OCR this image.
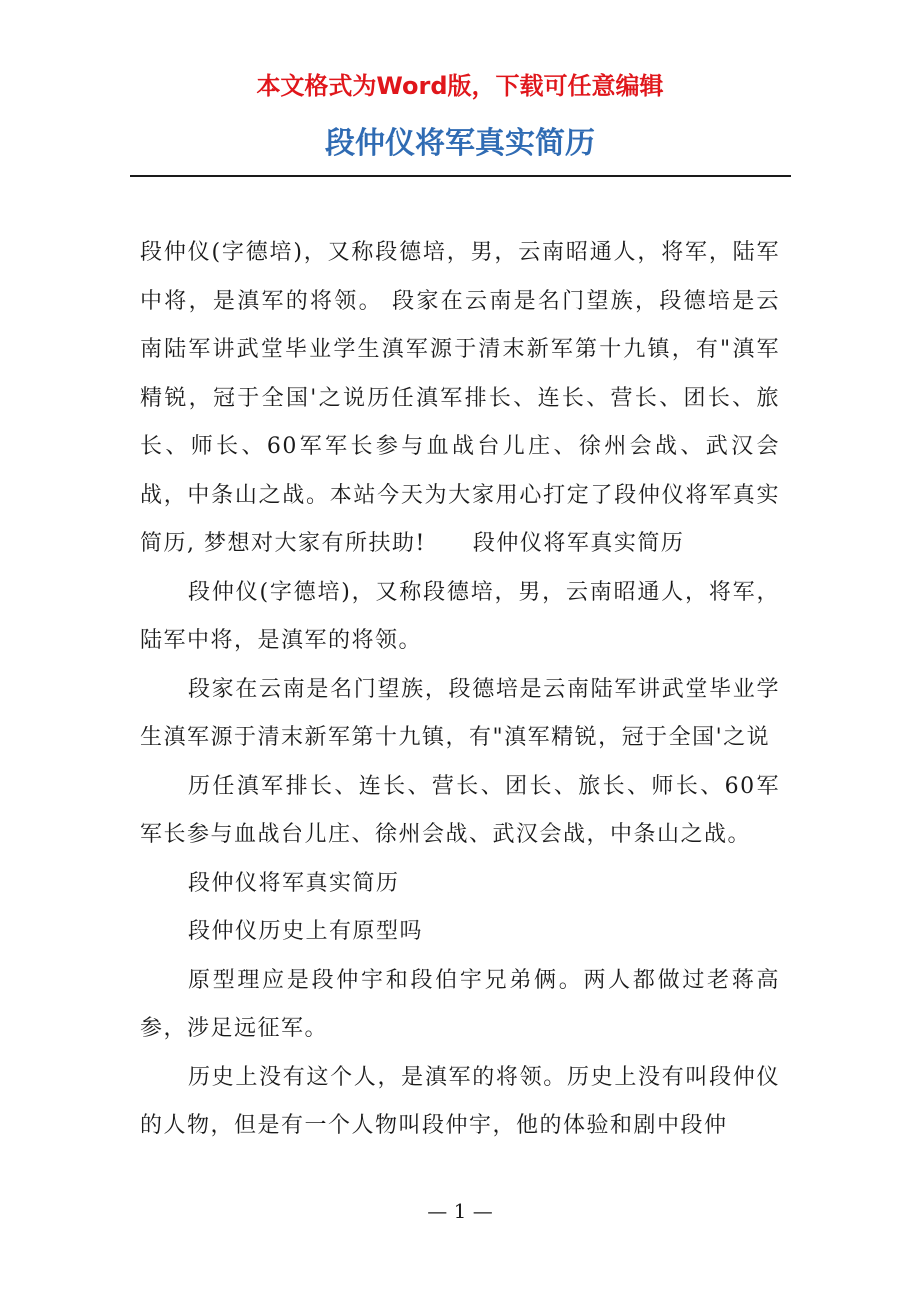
本文格式为Word版，下载可任意编辑
段仲仪将军真实简历

段仲仪(字德培)，又称段德培，男，云南昭通人，将军，陆军中将，是滇军的将领。 段家在云南是名门望族，段德培是云南陆军讲武堂毕业学生滇军源于清末新军第十九镇，有"滇军精锐，冠于全国'之说历任滇军排长、连长、营长、团长、旅长、师长、60军军长参与血战台儿庄、徐州会战、武汉会战，中条山之战。本站今天为大家用心打定了段仲仪将军真实简历, 梦想对大家有所扶助!　　段仲仪将军真实简历

段仲仪(字德培)，又称段德培，男，云南昭通人，将军，陆军中将，是滇军的将领。

段家在云南是名门望族，段德培是云南陆军讲武堂毕业学生滇军源于清末新军第十九镇，有"滇军精锐，冠于全国'之说

历任滇军排长、连长、营长、团长、旅长、师长、60军军长参与血战台儿庄、徐州会战、武汉会战，中条山之战。

段仲仪将军真实简历

段仲仪历史上有原型吗

原型理应是段仲宇和段伯宇兄弟俩。两人都做过老蒋高参，涉足远征军。

历史上没有这个人，是滇军的将领。历史上没有叫段仲仪的人物，但是有一个人物叫段仲宇，他的体验和剧中段仲

— 1 —
